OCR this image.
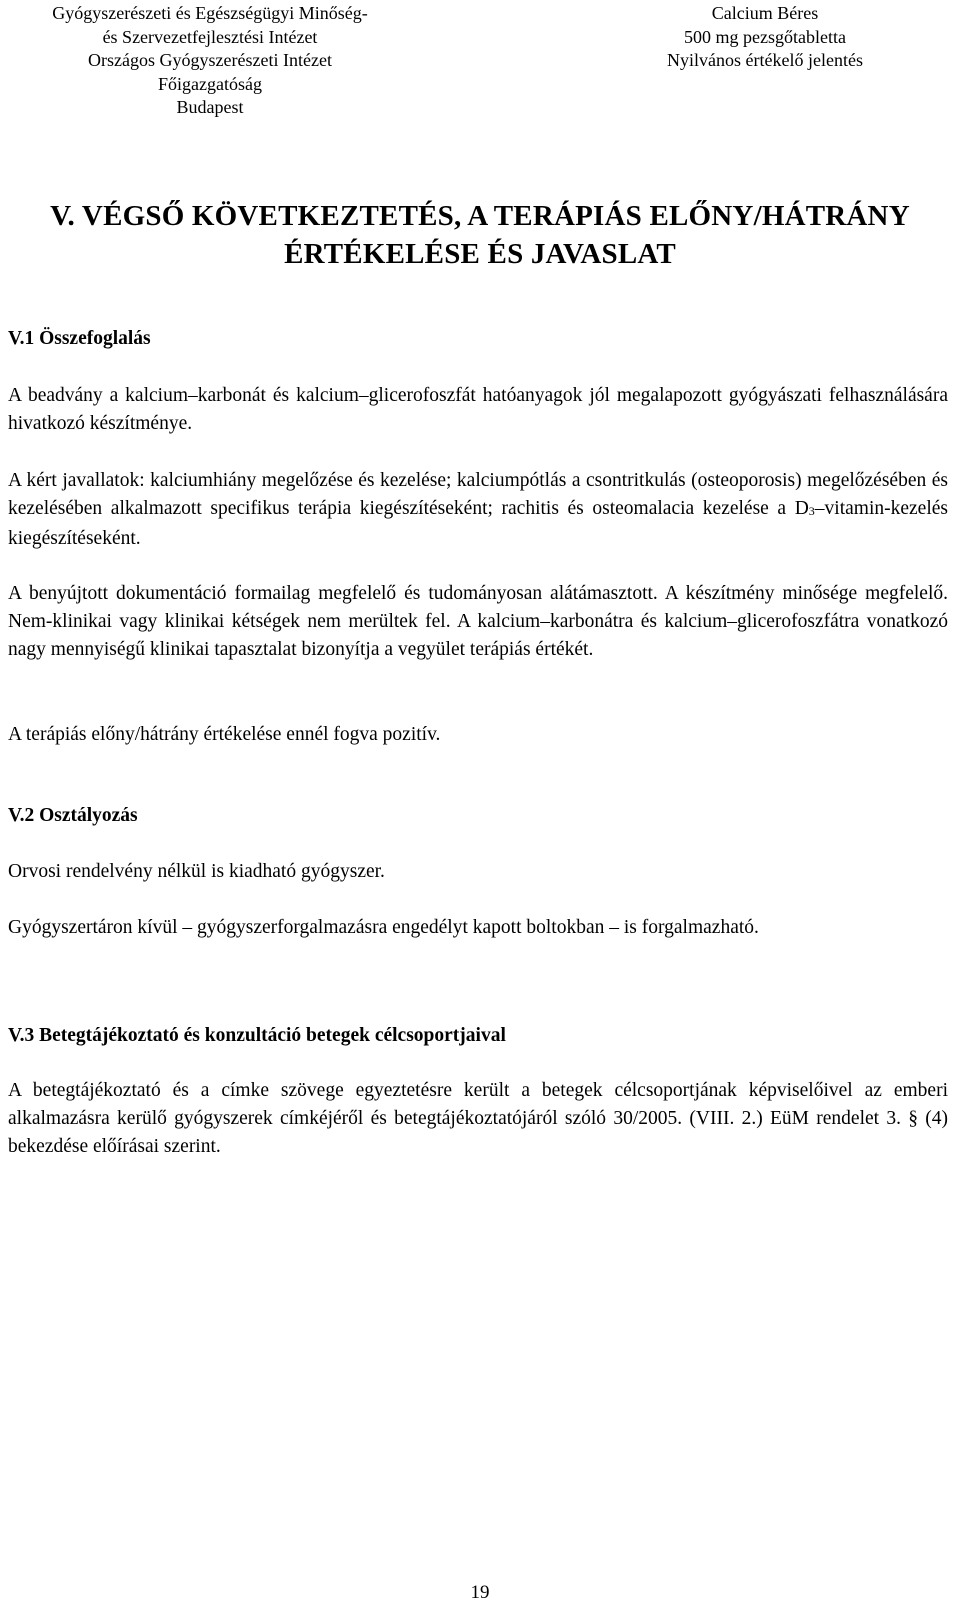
Gyógyszerészeti és Egészségügyi Minőség-
és Szervezetfejlesztési Intézet
Országos Gyógyszerészeti Intézet
Főigazgatóság
Budapest
Calcium Béres
500 mg pezsgőtabletta
Nyilvános értékelő jelentés
V. VÉGSŐ KÖVETKEZTETÉS, A TERÁPIÁS ELŐNY/HÁTRÁNY
ÉRTÉKELÉSE ÉS JAVASLAT
V.1 Összefoglalás
A beadvány a kalcium–karbonát és kalcium–glicerofoszfát hatóanyagok jól megalapozott gyógyászati felhasználására hivatkozó készítménye.
A kért javallatok: kalciumhiány megelőzése és kezelése; kalciumpótlás a csontritkulás (osteoporosis) megelőzésében és kezelésében alkalmazott specifikus terápia kiegészítéseként; rachitis és osteomalacia kezelése a $D_3-vitamin$-kezelés kiegészítéseként.
A benyújtott dokumentáció formailag megfelelő és tudományosan alátámasztott. A készítmény minősége megfelelő. Nem-klinikai vagy klinikai kétségek nem merültek fel. A kalcium–karbonátra és kalcium–glicerofoszfátra vonatkozó nagy mennyiségű klinikai tapasztalat bizonyítja a vegyület terápiás értékét.
A terápiás előny/hátrány értékelése ennél fogva pozitív.
V.2 Osztályozás
Orvosi rendelvény nélkül is kiadható gyógyszer.
Gyógyszertáron kívül – gyógyszerforgalmazásra engedélyt kapott boltokban – is forgalmazható.
V.3 Betegtájékoztató és konzultáció betegek célcsoportjaival
A betegtájékoztató és a címke szövege egyeztetésre került a betegek célcsoportjának képviselőivel az emberi alkalmazásra kerülő gyógyszerek címkéjéről és betegtájékoztatójáról szóló 30/2005. (VIII. 2.) EüM rendelet 3. § (4) bekezdése előírásai szerint.
19
